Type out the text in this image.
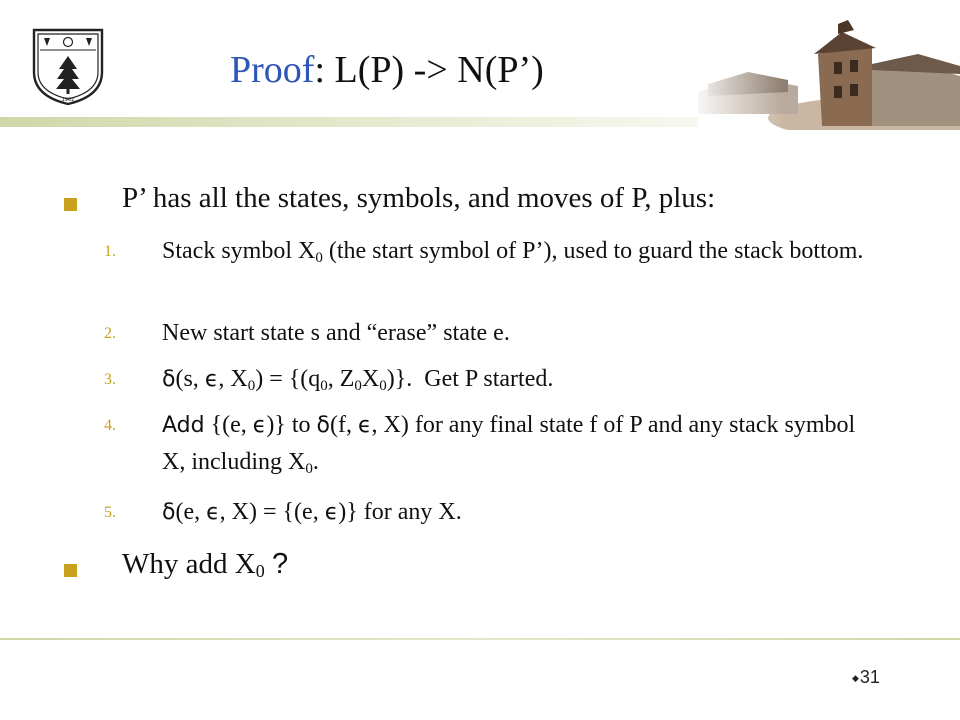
1902
Proof: L(P) -> N(P’)
P’ has all the states, symbols, and moves of P, plus:
1. Stack symbol $X_0$ (the start symbol of P’), used to guard the stack bottom.
2. New start state s and “erase” state e.
3. δ(s, ϵ, $X_0) = \{(q_0$, $Z_0X_0$)}.  Get P started.
4. Add {(e, ϵ)} to δ(f, ϵ, X) for any final state f of P and any stack symbol X, including $X_0$.
5. δ(e, ϵ, X) = {(e, ϵ)} for any X.
Why add $X_0$ ?
◆31
